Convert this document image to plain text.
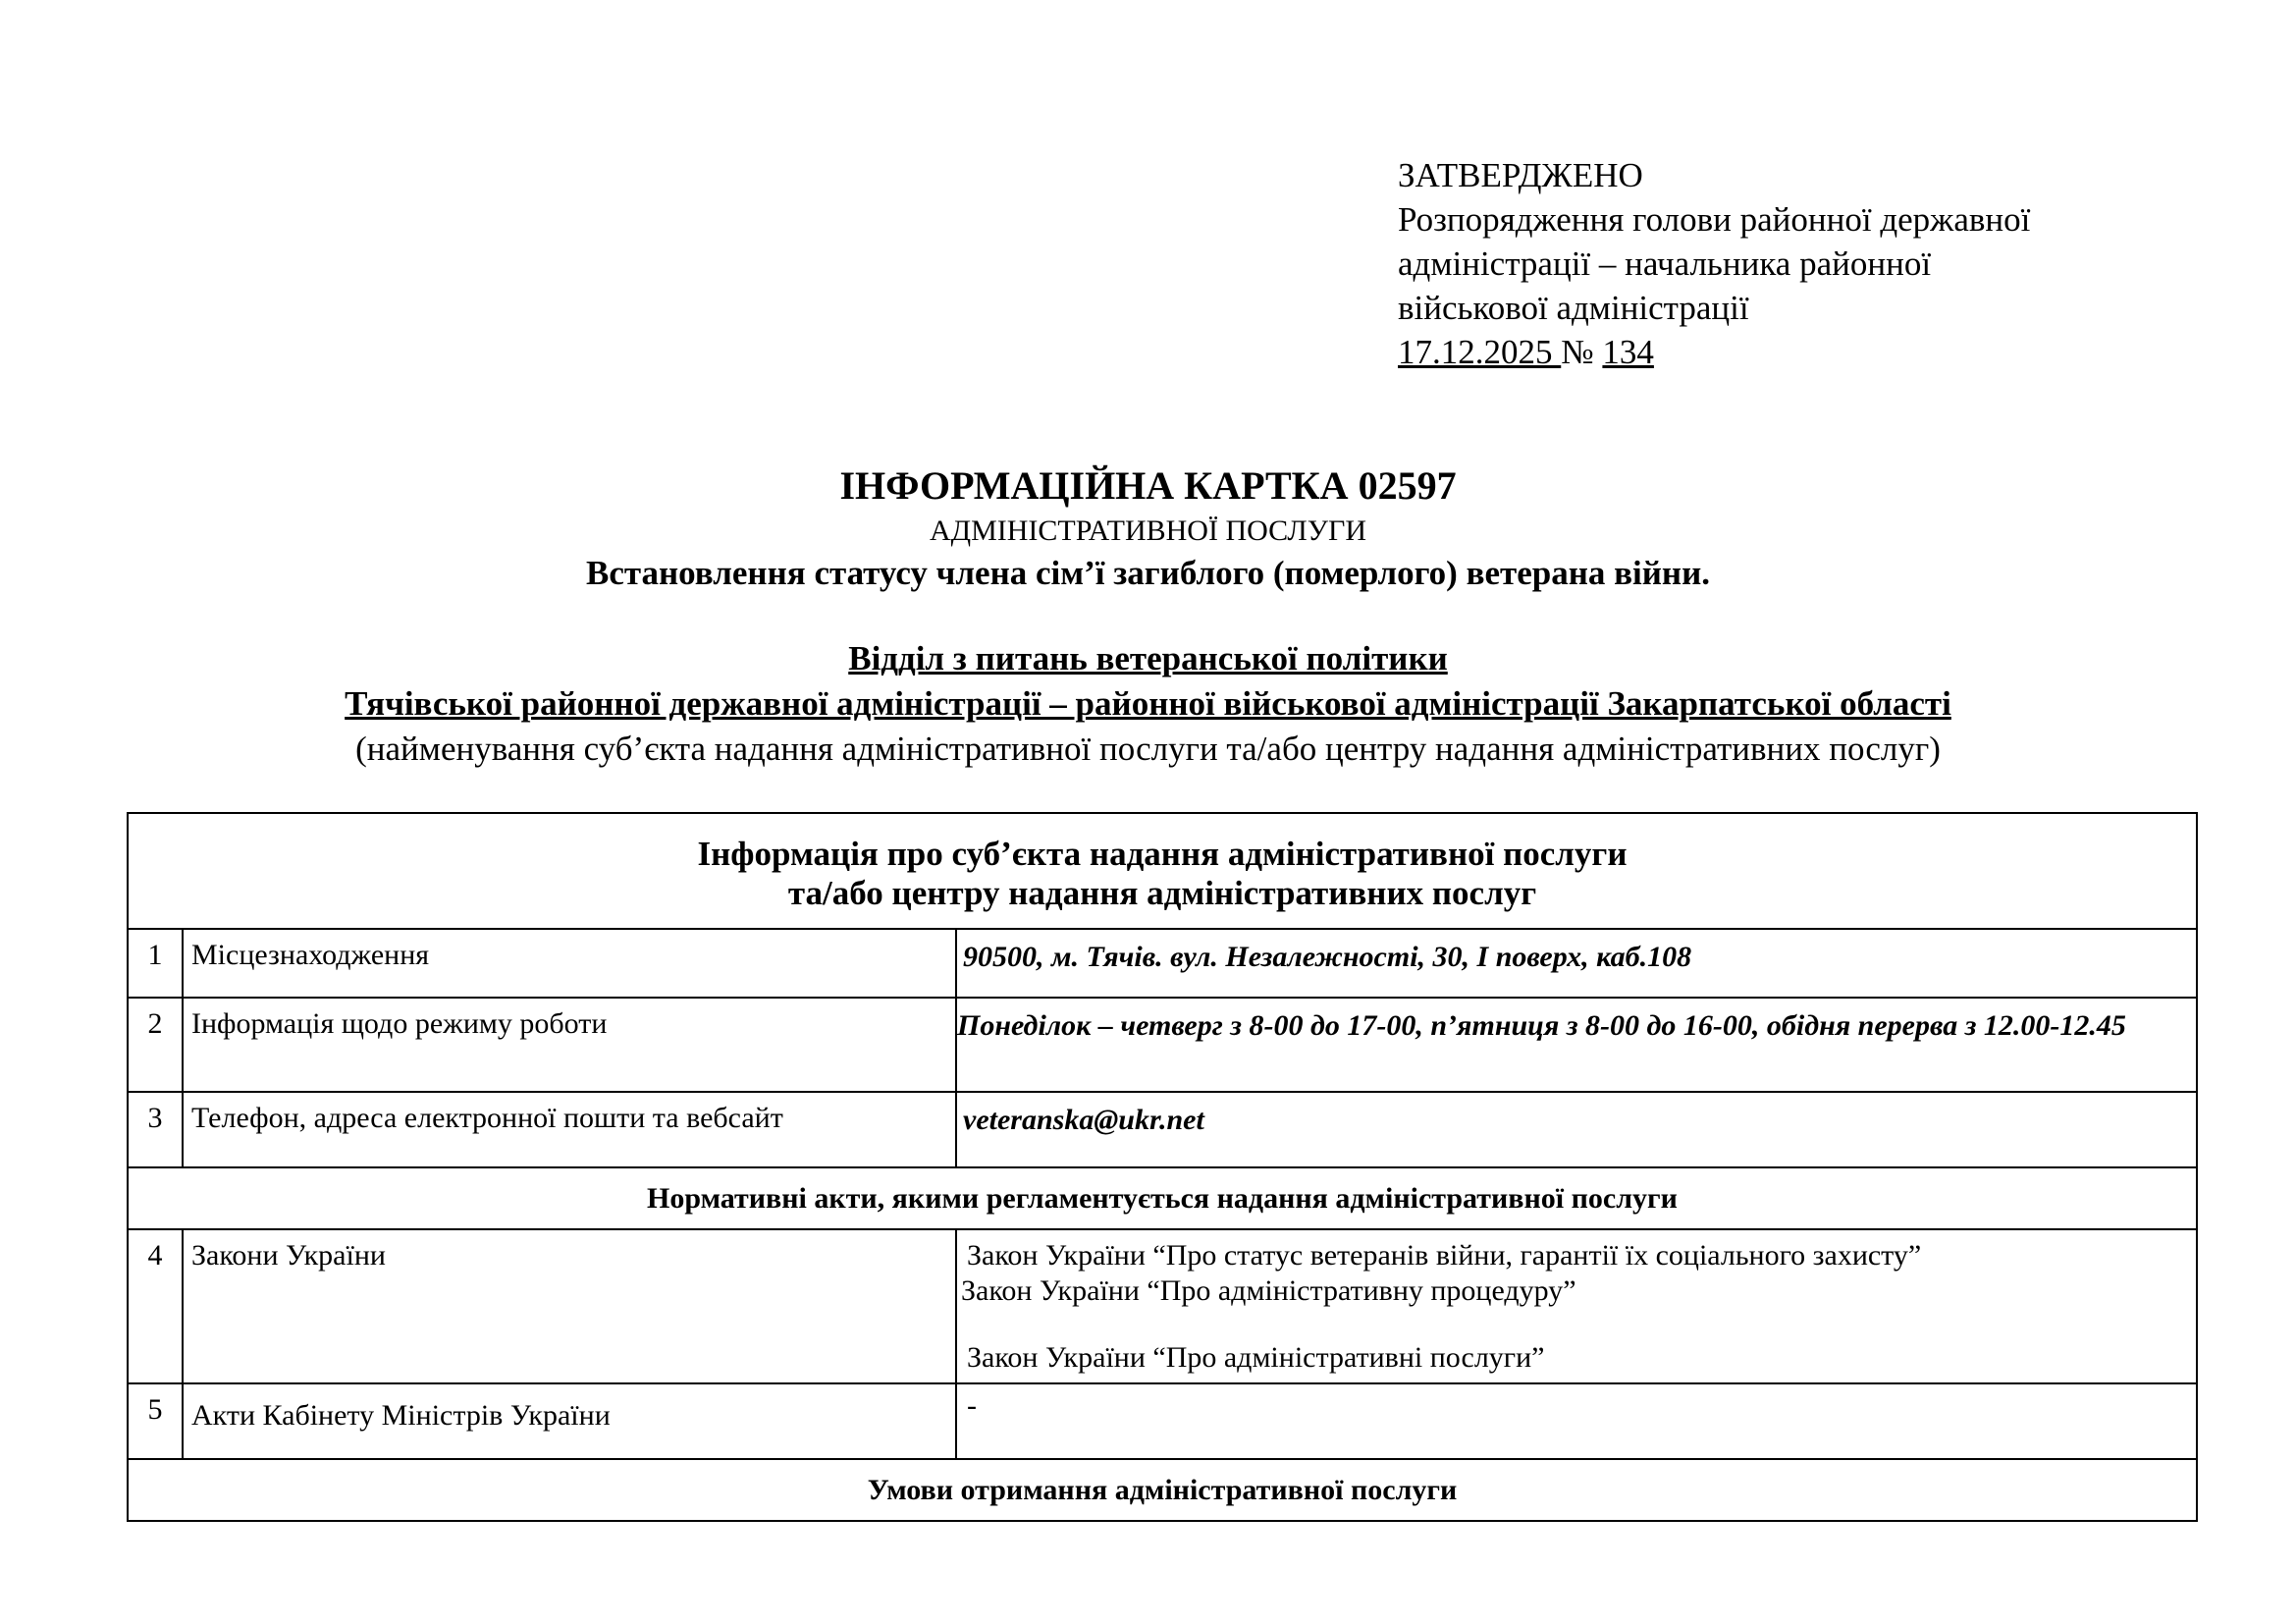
ЗАТВЕРДЖЕНО
Розпорядження голови районної державної
адміністрації – начальника районної
військової адміністрації
17.12.2025 № 134
ІНФОРМАЦІЙНА КАРТКА 02597
АДМІНІСТРАТИВНОЇ ПОСЛУГИ
Встановлення статусу члена сім’ї загиблого (померлого) ветерана війни.
Відділ з питань ветеранської політики
Тячівської районної державної адміністрації – районної військової адміністрації Закарпатської області
(найменування суб’єкта надання адміністративної послуги та/або центру надання адміністративних послуг)
Інформація про суб’єкта надання адміністративної послуги
та/або центру надання адміністративних послуг		

1	Місцезнаходження	90500, м. Тячів. вул. Незалежності, 30, І поверх, каб.108
2	Інформація щодо режиму роботи	Понеділок – четверг з 8-00 до 17-00, п’ятниця з 8-00 до 16-00, обідня перерва з 12.00-12.45
3	Телефон, адреса електронної пошти та вебсайт	veteranska@ukr.net
Нормативні акти, якими регламентується надання адміністративної послуги		
4	Закони України	Закон України “Про статус ветеранів війни, гарантії їх соціального захисту”
Закон України “Про адміністративну процедуру”
Закон України “Про адміністративні послуги”

5	Акти Кабінету Міністрів України	-
Умови отримання адміністративної послуги		
